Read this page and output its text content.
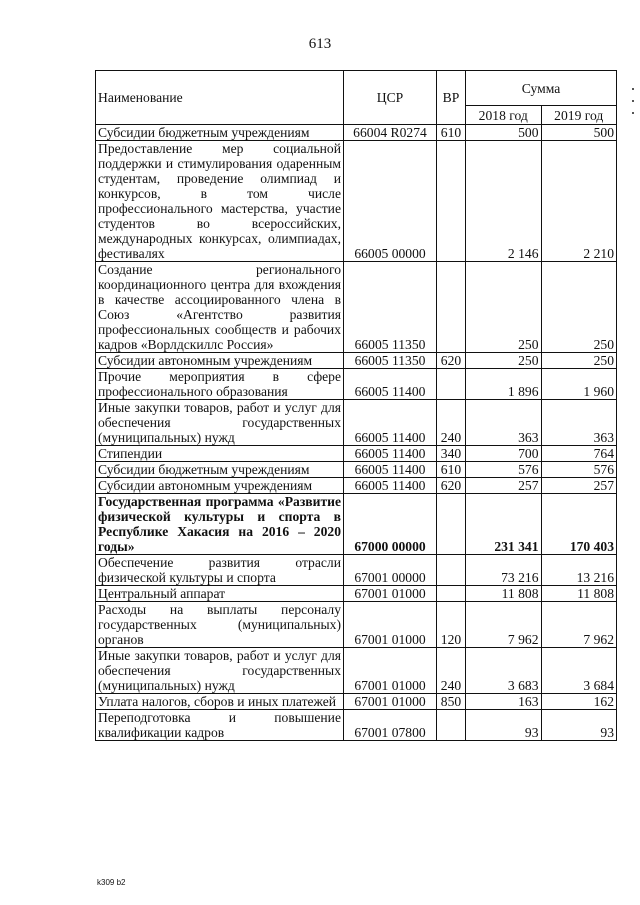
613
Наименование	ЦСР	ВР	Сумма	
			2018 год	2019 год
Субсидии бюджетным учреждениям	66004 R0274	610	500	500
Предоставление мер социальной поддержки и стимулирования одаренным студентам, проведение олимпиад и конкурсов, в том числе профессионального мастерства, участие студентов во всероссийских, международных конкурсах, олимпиадах, фестивалях	66005 00000		2 146	2 210
Создание регионального координационного центра для вхождения в качестве ассоциированного члена в Союз «Агентство развития профессиональных сообществ и рабочих кадров «Ворлдскиллс Россия»	66005 11350		250	250
Субсидии автономным учреждениям	66005 11350	620	250	250
Прочие мероприятия в сфере профессионального образования	66005 11400		1 896	1 960
Иные закупки товаров, работ и услуг для обеспечения государственных (муниципальных) нужд	66005 11400	240	363	363
Стипендии	66005 11400	340	700	764
Субсидии бюджетным учреждениям	66005 11400	610	576	576
Субсидии автономным учреждениям	66005 11400	620	257	257
Государственная программа «Развитие физической культуры и спорта в Республике Хакасия на 2016 – 2020 годы»	67000 00000		231 341	170 403
Обеспечение развития отрасли физической культуры и спорта	67001 00000		73 216	13 216
Центральный аппарат	67001 01000		11 808	11 808
Расходы на выплаты персоналу государственных (муниципальных) органов	67001 01000	120	7 962	7 962
Иные закупки товаров, работ и услуг для обеспечения государственных (муниципальных) нужд	67001 01000	240	3 683	3 684
Уплата налогов, сборов и иных платежей	67001 01000	850	163	162
Переподготовка и повышение квалификации кадров	67001 07800		93	93
k309 b2
